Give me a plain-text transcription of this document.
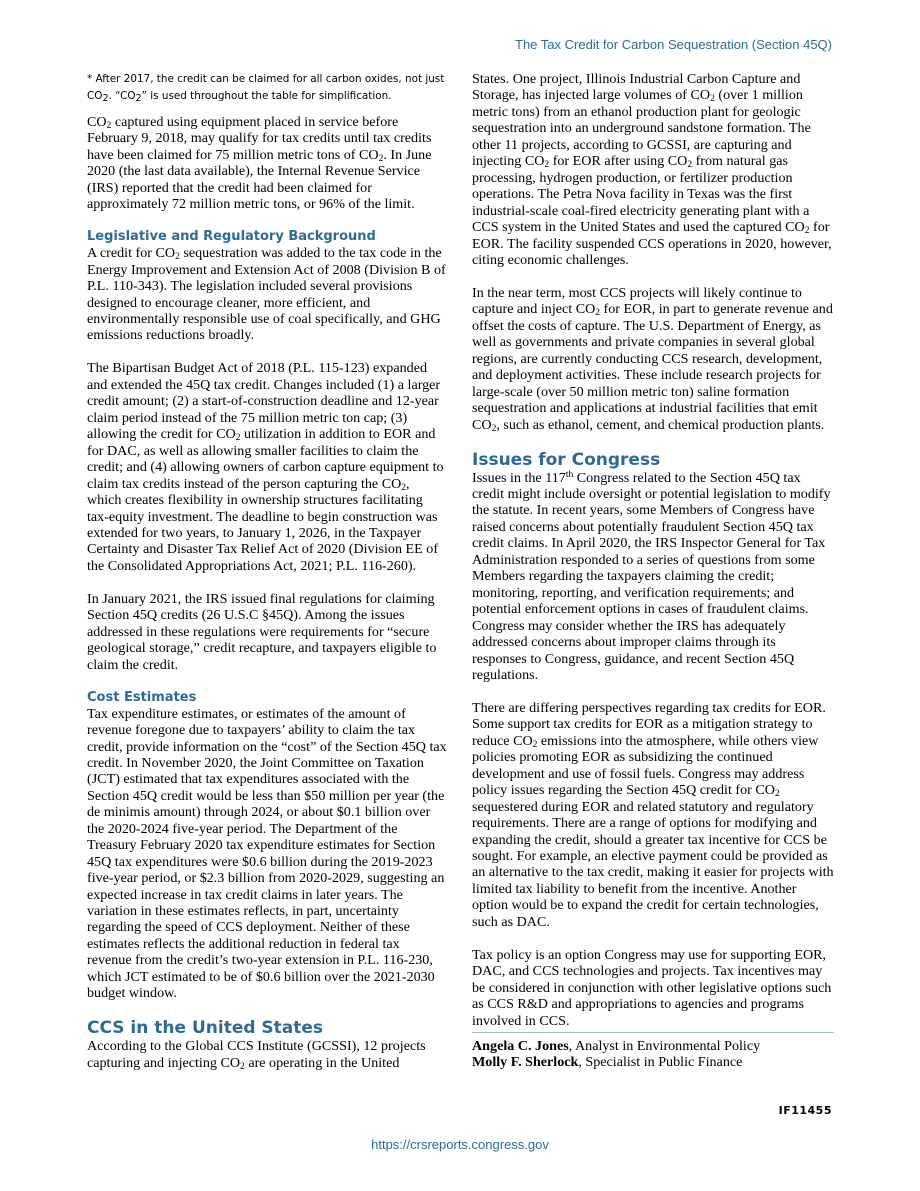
The Tax Credit for Carbon Sequestration (Section 45Q)
* After 2017, the credit can be claimed for all carbon oxides, not just $CO_2$. “$CO_2$” is used throughout the table for simplification.

$CO_2$ captured using equipment placed in service before February 9, 2018, may qualify for tax credits until tax credits have been claimed for 75 million metric tons of $CO_2$. In June 2020 (the last data available), the Internal Revenue Service (IRS) reported that the credit had been claimed for approximately 72 million metric tons, or 96% of the limit.

Legislative and Regulatory Background

A credit for $CO_2$ sequestration was added to the tax code in the Energy Improvement and Extension Act of 2008 (Division B of P.L. 110-343). The legislation included several provisions designed to encourage cleaner, more efficient, and environmentally responsible use of coal specifically, and GHG emissions reductions broadly.

The Bipartisan Budget Act of 2018 (P.L. 115-123) expanded and extended the 45Q tax credit. Changes included (1) a larger credit amount; (2) a start-of-construction deadline and 12-year claim period instead of the 75 million metric ton cap; (3) allowing the credit for $CO_2$ utilization in addition to EOR and for DAC, as well as allowing smaller facilities to claim the credit; and (4) allowing owners of carbon capture equipment to claim tax credits instead of the person capturing the $CO_2$, which creates flexibility in ownership structures facilitating tax-equity investment. The deadline to begin construction was extended for two years, to January 1, 2026, in the Taxpayer Certainty and Disaster Tax Relief Act of 2020 (Division EE of the Consolidated Appropriations Act, 2021; P.L. 116-260).

In January 2021, the IRS issued final regulations for claiming Section 45Q credits (26 U.S.C §45Q). Among the issues addressed in these regulations were requirements for “secure geological storage,” credit recapture, and taxpayers eligible to claim the credit.

Cost Estimates

Tax expenditure estimates, or estimates of the amount of revenue foregone due to taxpayers’ ability to claim the tax credit, provide information on the “cost” of the Section 45Q tax credit. In November 2020, the Joint Committee on Taxation (JCT) estimated that tax expenditures associated with the Section 45Q credit would be less than $50 million per year (the de minimis amount) through 2024, or about $0.1 billion over the 2020-2024 five-year period. The Department of the Treasury February 2020 tax expenditure estimates for Section 45Q tax expenditures were $0.6 billion during the 2019-2023 five-year period, or $2.3 billion from 2020-2029, suggesting an expected increase in tax credit claims in later years. The variation in these estimates reflects, in part, uncertainty regarding the speed of CCS deployment. Neither of these estimates reflects the additional reduction in federal tax revenue from the credit’s two-year extension in P.L. 116-230, which JCT estimated to be of $0.6 billion over the 2021-2030 budget window.

CCS in the United States

According to the Global CCS Institute (GCSSI), 12 projects capturing and injecting $CO_2$ are operating in the United

States. One project, Illinois Industrial Carbon Capture and Storage, has injected large volumes of $CO_2$ (over 1 million metric tons) from an ethanol production plant for geologic sequestration into an underground sandstone formation. The other 11 projects, according to GCSSI, are capturing and injecting $CO_2$ for EOR after using $CO_2$ from natural gas processing, hydrogen production, or fertilizer production operations. The Petra Nova facility in Texas was the first industrial-scale coal-fired electricity generating plant with a CCS system in the United States and used the captured $CO_2$ for EOR. The facility suspended CCS operations in 2020, however, citing economic challenges.

In the near term, most CCS projects will likely continue to capture and inject $CO_2$ for EOR, in part to generate revenue and offset the costs of capture. The U.S. Department of Energy, as well as governments and private companies in several global regions, are currently conducting CCS research, development, and deployment activities. These include research projects for large-scale (over 50 million metric ton) saline formation sequestration and applications at industrial facilities that emit $CO_2$, such as ethanol, cement, and chemical production plants.

Issues for Congress

Issues in the 117th Congress related to the Section 45Q tax credit might include oversight or potential legislation to modify the statute. In recent years, some Members of Congress have raised concerns about potentially fraudulent Section 45Q tax credit claims. In April 2020, the IRS Inspector General for Tax Administration responded to a series of questions from some Members regarding the taxpayers claiming the credit; monitoring, reporting, and verification requirements; and potential enforcement options in cases of fraudulent claims. Congress may consider whether the IRS has adequately addressed concerns about improper claims through its responses to Congress, guidance, and recent Section 45Q regulations.

There are differing perspectives regarding tax credits for EOR. Some support tax credits for EOR as a mitigation strategy to reduce $CO_2$ emissions into the atmosphere, while others view policies promoting EOR as subsidizing the continued development and use of fossil fuels. Congress may address policy issues regarding the Section 45Q credit for $CO_2$ sequestered during EOR and related statutory and regulatory requirements. There are a range of options for modifying and expanding the credit, should a greater tax incentive for CCS be sought. For example, an elective payment could be provided as an alternative to the tax credit, making it easier for projects with limited tax liability to benefit from the incentive. Another option would be to expand the credit for certain technologies, such as DAC.

Tax policy is an option Congress may use for supporting EOR, DAC, and CCS technologies and projects. Tax incentives may be considered in conjunction with other legislative options such as CCS R&D and appropriations to agencies and programs involved in CCS.

Angela C. Jones, Analyst in Environmental Policy
Molly F. Sherlock, Specialist in Public Finance
IF11455
https://crsreports.congress.gov
